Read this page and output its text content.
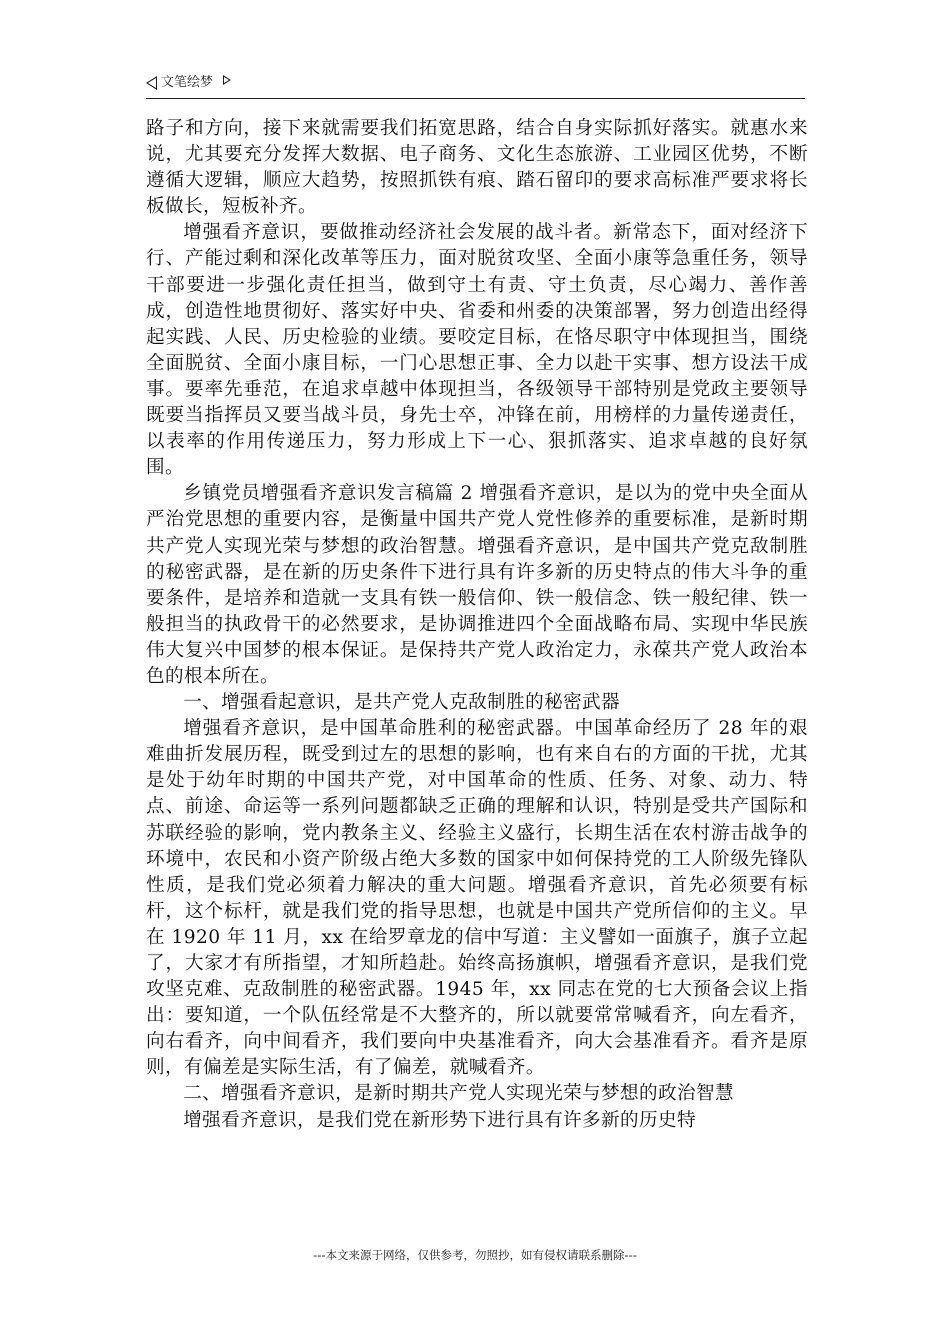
文笔绘梦

路子和方向，接下来就需要我们拓宽思路，结合自身实际抓好落实。就惠水来说，尤其要充分发挥大数据、电子商务、文化生态旅游、工业园区优势，不断遵循大逻辑，顺应大趋势，按照抓铁有痕、踏石留印的要求高标准严要求将长板做长，短板补齐。

增强看齐意识，要做推动经济社会发展的战斗者。新常态下，面对经济下行、产能过剩和深化改革等压力，面对脱贫攻坚、全面小康等急重任务，领导干部要进一步强化责任担当，做到守土有责、守土负责，尽心竭力、善作善成，创造性地贯彻好、落实好中央、省委和州委的决策部署，努力创造出经得起实践、人民、历史检验的业绩。要咬定目标，在恪尽职守中体现担当，围绕全面脱贫、全面小康目标，一门心思想正事、全力以赴干实事、想方设法干成事。要率先垂范，在追求卓越中体现担当，各级领导干部特别是党政主要领导既要当指挥员又要当战斗员，身先士卒，冲锋在前，用榜样的力量传递责任，以表率的作用传递压力，努力形成上下一心、狠抓落实、追求卓越的良好氛围。

乡镇党员增强看齐意识发言稿篇 2 增强看齐意识，是以为的党中央全面从严治党思想的重要内容，是衡量中国共产党人党性修养的重要标准，是新时期共产党人实现光荣与梦想的政治智慧。增强看齐意识，是中国共产党克敌制胜的秘密武器，是在新的历史条件下进行具有许多新的历史特点的伟大斗争的重要条件，是培养和造就一支具有铁一般信仰、铁一般信念、铁一般纪律、铁一般担当的执政骨干的必然要求，是协调推进四个全面战略布局、实现中华民族伟大复兴中国梦的根本保证。是保持共产党人政治定力，永葆共产党人政治本色的根本所在。

一、增强看起意识，是共产党人克敌制胜的秘密武器

增强看齐意识，是中国革命胜利的秘密武器。中国革命经历了 28 年的艰难曲折发展历程，既受到过左的思想的影响，也有来自右的方面的干扰，尤其是处于幼年时期的中国共产党，对中国革命的性质、任务、对象、动力、特点、前途、命运等一系列问题都缺乏正确的理解和认识，特别是受共产国际和苏联经验的影响，党内教条主义、经验主义盛行，长期生活在农村游击战争的环境中，农民和小资产阶级占绝大多数的国家中如何保持党的工人阶级先锋队性质，是我们党必须着力解决的重大问题。增强看齐意识，首先必须要有标杆，这个标杆，就是我们党的指导思想，也就是中国共产党所信仰的主义。早在 1920 年 11 月，xx 在给罗章龙的信中写道：主义譬如一面旗子，旗子立起了，大家才有所指望，才知所趋赴。始终高扬旗帜，增强看齐意识，是我们党攻坚克难、克敌制胜的秘密武器。1945 年，xx 同志在党的七大预备会议上指出：要知道，一个队伍经常是不大整齐的，所以就要常常喊看齐，向左看齐，向右看齐，向中间看齐，我们要向中央基准看齐，向大会基准看齐。看齐是原则，有偏差是实际生活，有了偏差，就喊看齐。

二、增强看齐意识，是新时期共产党人实现光荣与梦想的政治智慧

增强看齐意识，是我们党在新形势下进行具有许多新的历史特

---本文来源于网络，仅供参考，勿照抄，如有侵权请联系删除---
